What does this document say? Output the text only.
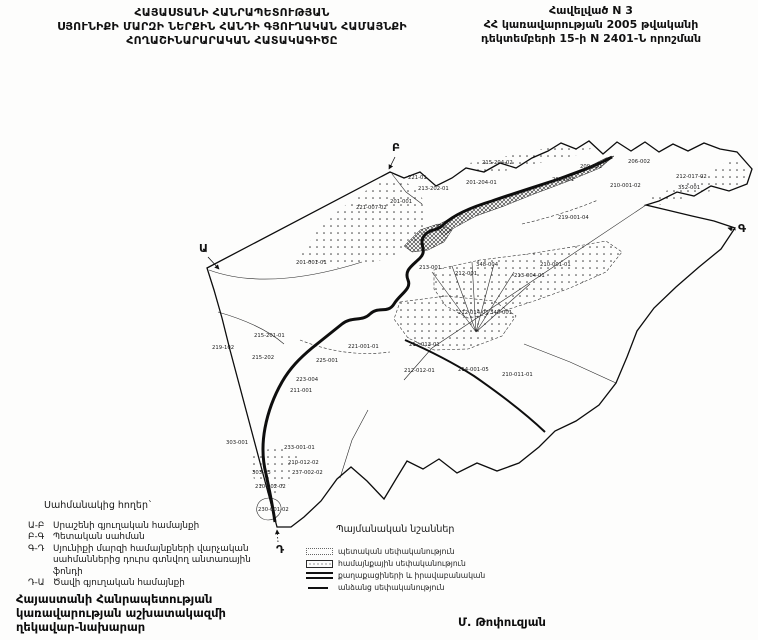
221-01
213-202-01
201-001
221-007-02
215-204-02
201-204-01	203-001
209-001
206-002
210-001-02
212-017-02
352-001
219-001-04
201-001-01
213-001	348-004
212-001	213-004-01
210-001-01
212-014-01 348-001
212-013-01
212-012-01	214-001-05
210-011-01
215-201-01
219-102
215-202
221-001-01
225-001
223-004
211-001
303-001
233-001-01
210-012-02
237-002-02
303-03
210-002-02
230-001-02
Ա
Բ
Գ
Դ
ՀԱՅԱՍՏԱՆԻ ՀԱՆՐԱՊԵՏՈՒԹՅԱՆ
ՍՅՈՒՆԻՔԻ ՄԱՐԶԻ ՆԵՐՔԻՆ ՀԱՆԴԻ ԳՅՈՒՂԱԿԱՆ ՀԱՄԱՅՆՔԻ
ՀՈՂԱՇԻՆԱՐԱՐԱԿԱՆ ՀԱՏԱԿԱԳԻԾԸ
Հավելված N 3
ՀՀ կառավարության 2005 թվականի
դեկտեմբերի 15-ի N 2401-Ն որոշման
Սահմանակից հողեր`
Ա-Բ Սրաշենի գյուղական համայնքի
Բ-Գ Պետական սահման
Գ-Դ Սյունիքի մարզի համայնքների վարչական սահմաններից դուրս գտնվող անտառային ֆոնդի
Դ-Ա Ծավի գյուղական համայնքի
Պայմանական նշաններ
պետական սեփականություն
համայնքային սեփականություն
քաղաքացիների և իրավաբանական
անձանց սեփականություն
Հայաստանի Հանրապետության
կառավարության աշխատակազմի
ղեկավար-նախարար	Մ. Թոփուզյան
